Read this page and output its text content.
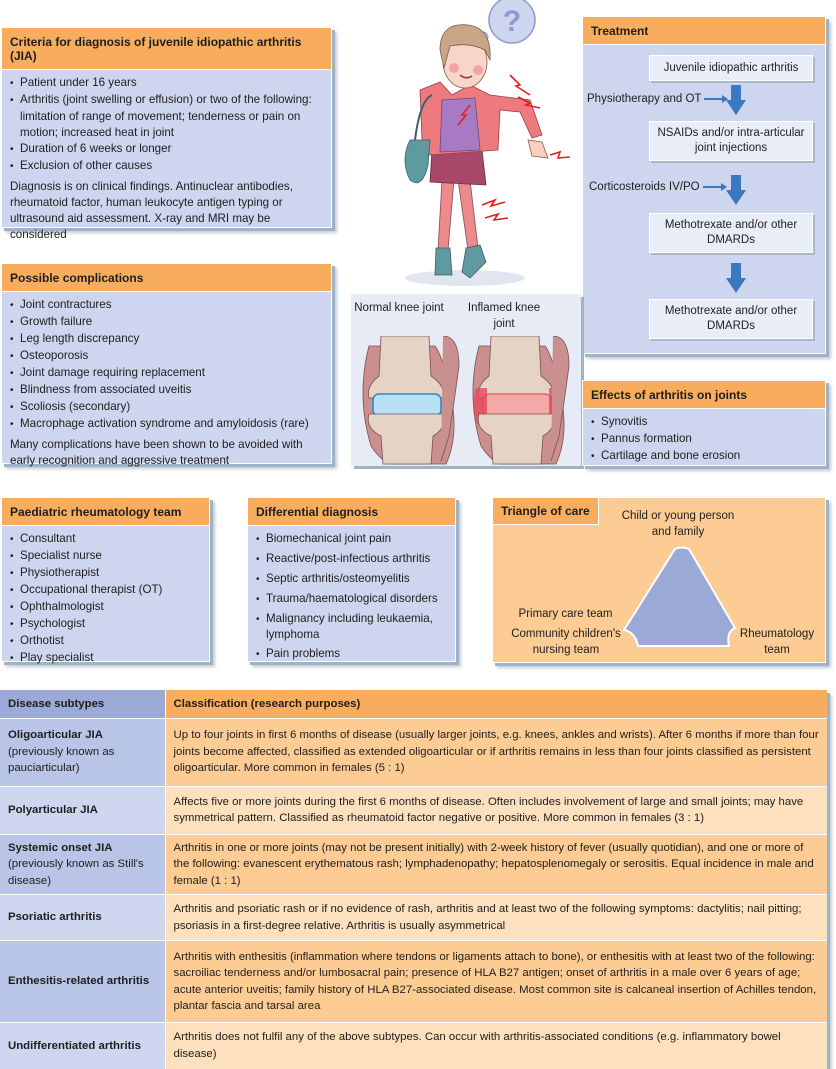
Criteria for diagnosis of juvenile idiopathic arthritis (JIA)
• Patient under 16 years
• Arthritis (joint swelling or effusion) or two of the following: limitation of range of movement; tenderness or pain on motion; increased heat in joint
• Duration of 6 weeks or longer
• Exclusion of other causes

Diagnosis is on clinical findings. Antinuclear antibodies, rheumatoid factor, human leukocyte antigen typing or ultrasound aid assessment. X-ray and MRI may be considered

Possible complications
• Joint contractures
• Growth failure
• Leg length discrepancy
• Osteoporosis
• Joint damage requiring replacement
• Blindness from associated uveitis
• Scoliosis (secondary)
• Macrophage activation syndrome and amyloidosis (rare)

Many complications have been shown to be avoided with early recognition and aggressive treatment

?	Treatment
Juvenile idiopathic arthritis
Physiotherapy and OT
NSAIDs and/or intra-articular joint injections
Corticosteroids IV/PO
Methotrexate and/or other DMARDs
Methotrexate and/or other DMARDs
Normal knee joint	Inflamed knee joint
Effects of arthritis on joints
• Synovitis
• Pannus formation
• Cartilage and bone erosion
Paediatric rheumatology team
• Consultant
• Specialist nurse
• Physiotherapist
• Occupational therapist (OT)
• Ophthalmologist
• Psychologist
• Orthotist
• Play specialist
Differential diagnosis
• Biomechanical joint pain
• Reactive/post-infectious arthritis
• Septic arthritis/osteomyelitis
• Trauma/haematological disorders
• Malignancy including leukaemia, lymphoma
• Pain problems
Triangle of care	Child or young person and family
Primary care team
Community children's nursing team
Rheumatology team
Disease subtypes	Classification (research purposes)

Oligoarticular JIA
(previously known as pauciarticular)	Up to four joints in first 6 months of disease (usually larger joints, e.g. knees, ankles and wrists). After 6 months if more than four joints become affected, classified as extended oligoarticular or if arthritis remains in less than four joints classified as persistent oligoarticular. More common in females (5 : 1)

Polyarticular JIA	Affects five or more joints during the first 6 months of disease. Often includes involvement of large and small joints; may have symmetrical pattern. Classified as rheumatoid factor negative or positive. More common in females (3 : 1)

Systemic onset JIA
(previously known as Still's disease)	Arthritis in one or more joints (may not be present initially) with 2-week history of fever (usually quotidian), and one or more of the following: evanescent erythematous rash; lymphadenopathy; hepatosplenomegaly or serositis. Equal incidence in male and female (1 : 1)

Psoriatic arthritis	Arthritis and psoriatic rash or if no evidence of rash, arthritis and at least two of the following symptoms: dactylitis; nail pitting; psoriasis in a first-degree relative. Arthritis is usually asymmetrical

Enthesitis-related arthritis	Arthritis with enthesitis (inflammation where tendons or ligaments attach to bone), or enthesitis with at least two of the following: sacroiliac tenderness and/or lumbosacral pain; presence of HLA B27 antigen; onset of arthritis in a male over 6 years of age; acute anterior uveitis; family history of HLA B27-associated disease. Most common site is calcaneal insertion of Achilles tendon, plantar fascia and tarsal area

Undifferentiated arthritis	Arthritis does not fulfil any of the above subtypes. Can occur with arthritis-associated conditions (e.g. inflammatory bowel disease)
